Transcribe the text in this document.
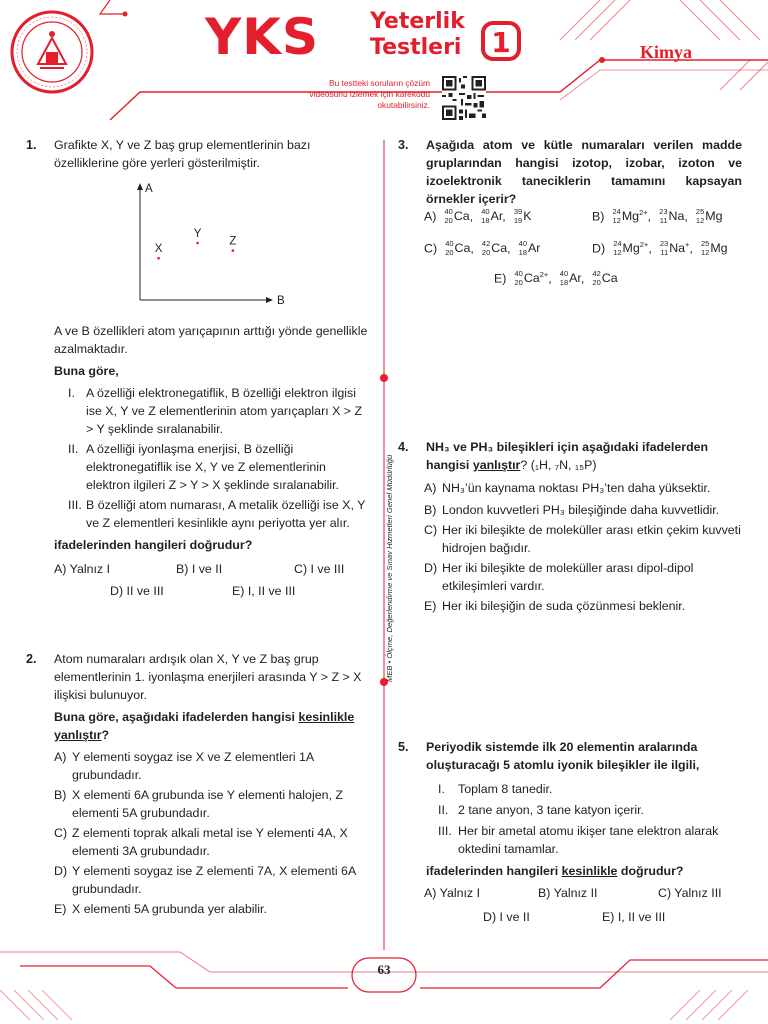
YKS Yeterlik
Testleri 1	Kimya
Bu testteki soruların çözüm videosunu izlemek için karekodu okutabilirsiniz.
MEB • Ölçme, Değerlendirme ve Sınav Hizmetleri Genel Müdürlüğü
1. Grafikte X, Y ve Z baş grup elementlerinin bazı özelliklerine göre yerleri gösterilmiştir.
A
B
X
Y
Z
A ve B özellikleri atom yarıçapının arttığı yönde genellikle azalmaktadır.
Buna göre,
I. A özelliği elektronegatiflik, B özelliği elektron ilgisi ise X, Y ve Z elementlerinin atom yarıçapları X > Z > Y şeklinde sıralanabilir.
II. A özelliği iyonlaşma enerjisi, B özelliği elektronegatiflik ise X, Y ve Z elementlerinin elektron ilgileri Z > Y > X şeklinde sıralanabilir.
III. B özelliği atom numarası, A metalik özelliği ise X, Y ve Z elementleri kesinlikle aynı periyotta yer alır.
ifadelerinden hangileri doğrudur?
A) Yalnız I	B) I ve II	C) I ve III
D) II ve III	E) I, II ve III
2. Atom numaraları ardışık olan X, Y ve Z baş grup elementlerinin 1. iyonlaşma enerjileri arasında Y > Z > X ilişkisi bulunuyor.
Buna göre, aşağıdaki ifadelerden hangisi kesinlikle yanlıştır?
A) Y elementi soygaz ise X ve Z elementleri 1A grubundadır.
B) X elementi 6A grubunda ise Y elementi halojen, Z elementi 5A grubundadır.
C) Z elementi toprak alkali metal ise Y elementi 4A, X elementi 3A grubundadır.
D) Y elementi soygaz ise Z elementi 7A, X elementi 6A grubundadır.
E) X elementi 5A grubunda yer alabilir.
3. Aşağıda atom ve kütle numaraları verilen madde gruplarından hangisi izotop, izobar, izoton ve izoelektronik taneciklerin tamamını kapsayan örnekler içerir?
A) 40
20 Ca, 40
18 Ar, 39
19 K	B) 24
12 $Mg^{2+}$, 23
11 Na, 25
12 Mg
C) 40
20 Ca, 42
20 Ca, 40
18 Ar	D) 24
12 $Mg^{2+}$, 23
11 Na+, 25
12 Mg
E) 40
20 $Ca^{2+}$, 40
18 Ar, 42
20 Ca
4. NH₃ ve PH₃ bileşikleri için aşağıdaki ifadelerden
hangisi yanlıştır? (₁H, ₇N, ₁₅P)
A) NH₃’ün kaynama noktası PH₃’ten daha yüksektir.
B) London kuvvetleri PH₃ bileşiğinde daha kuvvetlidir.
C) Her iki bileşikte de moleküller arası etkin çekim kuvveti hidrojen bağıdır.
D) Her iki bileşikte de moleküller arası dipol-dipol etkileşimleri vardır.
E) Her iki bileşiğin de suda çözünmesi beklenir.
5. Periyodik sistemde ilk 20 elementin aralarında oluşturacağı 5 atomlu iyonik bileşikler ile ilgili,
I. Toplam 8 tanedir.
II. 2 tane anyon, 3 tane katyon içerir.
III. Her bir ametal atomu ikişer tane elektron alarak oktedini tamamlar.
ifadelerinden hangileri kesinlikle doğrudur?
A) Yalnız I	B) Yalnız II	C) Yalnız III
D) I ve II	E) I, II ve III
63
